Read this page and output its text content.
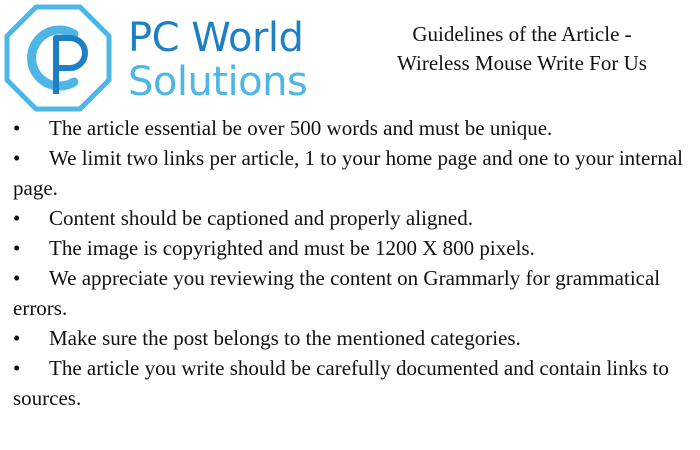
PC World
Solutions
Guidelines of the Article -
Wireless Mouse Write For Us
• The article essential be over 500 words and must be unique.
• We limit two links per article, 1 to your home page and one to your internal page.
• Content should be captioned and properly aligned.
• The image is copyrighted and must be 1200 X 800 pixels.
• We appreciate you reviewing the content on Grammarly for grammatical errors.
• Make sure the post belongs to the mentioned categories.
• The article you write should be carefully documented and contain links to sources.
